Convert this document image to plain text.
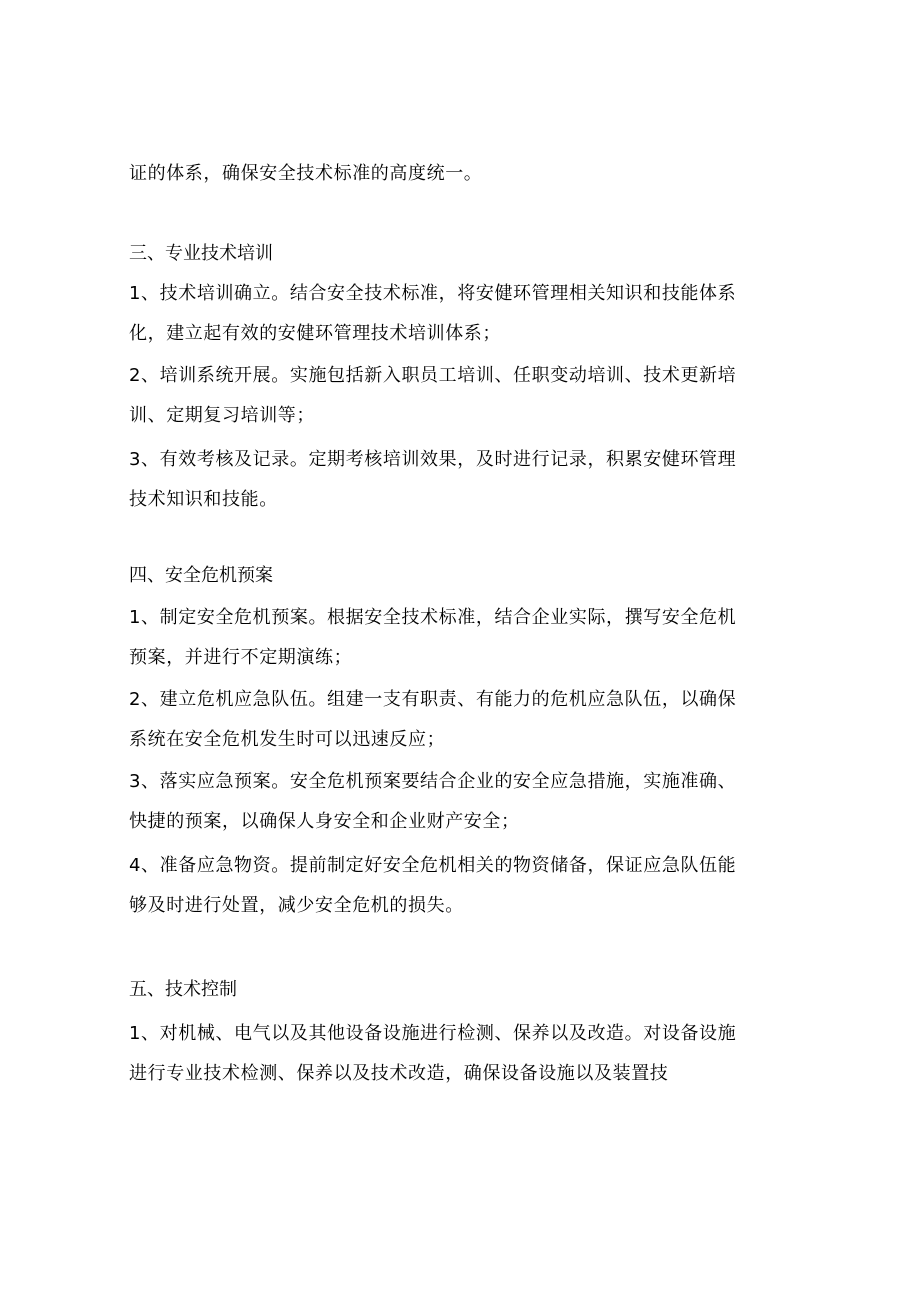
证的体系，确保安全技术标准的高度统一。
三、专业技术培训
1、技术培训确立。结合安全技术标准，将安健环管理相关知识和技能体系
化，建立起有效的安健环管理技术培训体系；
2、培训系统开展。实施包括新入职员工培训、任职变动培训、技术更新培
训、定期复习培训等；
3、有效考核及记录。定期考核培训效果，及时进行记录，积累安健环管理
技术知识和技能。
四、安全危机预案
1、制定安全危机预案。根据安全技术标准，结合企业实际，撰写安全危机
预案，并进行不定期演练；
2、建立危机应急队伍。组建一支有职责、有能力的危机应急队伍，以确保
系统在安全危机发生时可以迅速反应；
3、落实应急预案。安全危机预案要结合企业的安全应急措施，实施准确、
快捷的预案，以确保人身安全和企业财产安全；
4、准备应急物资。提前制定好安全危机相关的物资储备，保证应急队伍能
够及时进行处置，减少安全危机的损失。
五、技术控制
1、对机械、电气以及其他设备设施进行检测、保养以及改造。对设备设施
进行专业技术检测、保养以及技术改造，确保设备设施以及装置技
